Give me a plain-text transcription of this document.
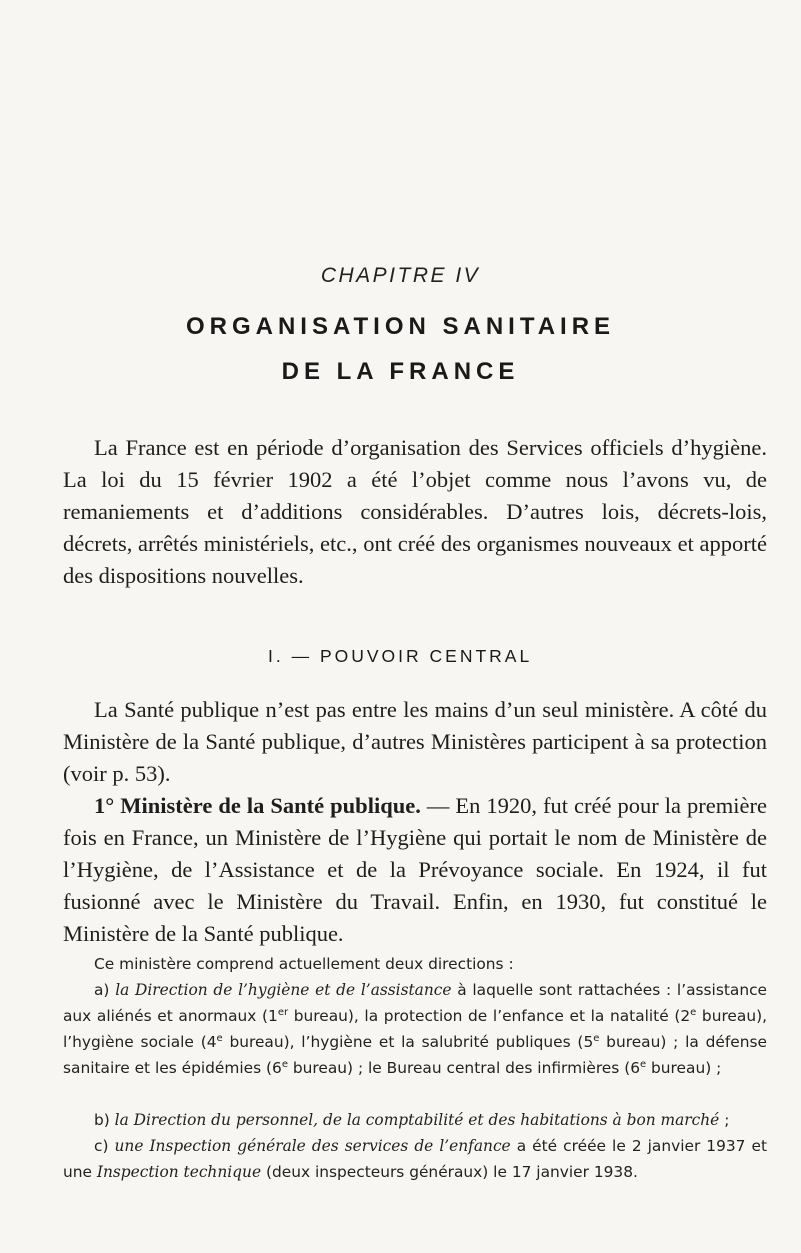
CHAPITRE IV
ORGANISATION SANITAIRE
DE LA FRANCE

La France est en période d’organisation des Services officiels d’hygiène. La loi du 15 février 1902 a été l’objet comme nous l’avons vu, de remaniements et d’additions considérables. D’autres lois, décrets-lois, décrets, arrêtés ministériels, etc., ont créé des organismes nouveaux et apporté des dispositions nouvelles.

I. — POUVOIR CENTRAL

La Santé publique n’est pas entre les mains d’un seul ministère. A côté du Ministère de la Santé publique, d’autres Ministères participent à sa protection (voir p. 53).

1° Ministère de la Santé publique. — En 1920, fut créé pour la première fois en France, un Ministère de l’Hygiène qui portait le nom de Ministère de l’Hygiène, de l’Assistance et de la Prévoyance sociale. En 1924, il fut fusionné avec le Ministère du Travail. Enfin, en 1930, fut constitué le Ministère de la Santé publique.

Ce ministère comprend actuellement deux directions :

a) la Direction de l’hygiène et de l’assistance à laquelle sont rattachées : l’assistance aux aliénés et anormaux (1er bureau), la protection de l’enfance et la natalité (2e bureau), l’hygiène sociale (4e bureau), l’hygiène et la salubrité publiques (5e bureau) ; la défense sanitaire et les épidémies (6e bureau) ; le Bureau central des infirmières (6e bureau) ;

b) la Direction du personnel, de la comptabilité et des habitations à bon marché ;

c) une Inspection générale des services de l’enfance a été créée le 2 janvier 1937 et une Inspection technique (deux inspecteurs généraux) le 17 janvier 1938.
